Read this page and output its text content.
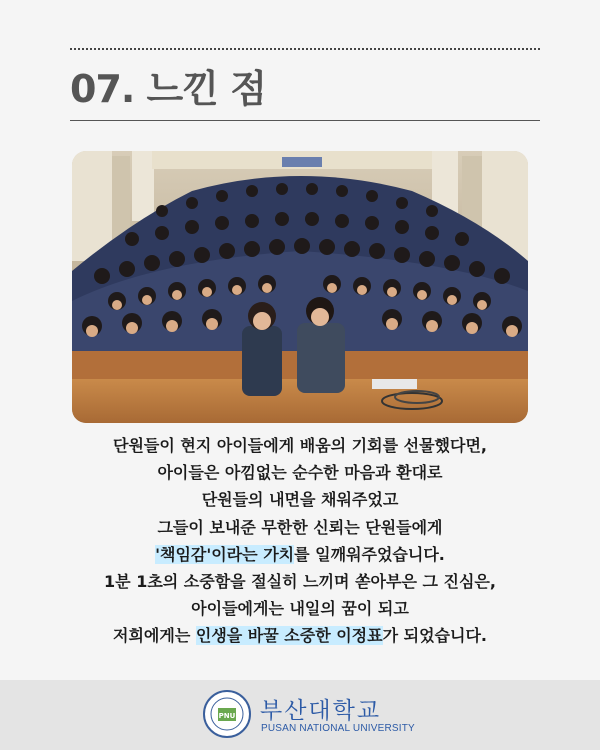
07. 느낀 점
단원들이 현지 아이들에게 배움의 기회를 선물했다면,
아이들은 아낌없는 순수한 마음과 환대로
단원들의 내면을 채워주었고
그들이 보내준 무한한 신뢰는 단원들에게
'책임감'이라는 가치를 일깨워주었습니다.
1분 1초의 소중함을 절실히 느끼며 쏟아부은 그 진심은,
아이들에게는 내일의 꿈이 되고
저희에게는 인생을 바꿀 소중한 이정표가 되었습니다.
PNU 부산대학교
PUSAN NATIONAL UNIVERSITY
